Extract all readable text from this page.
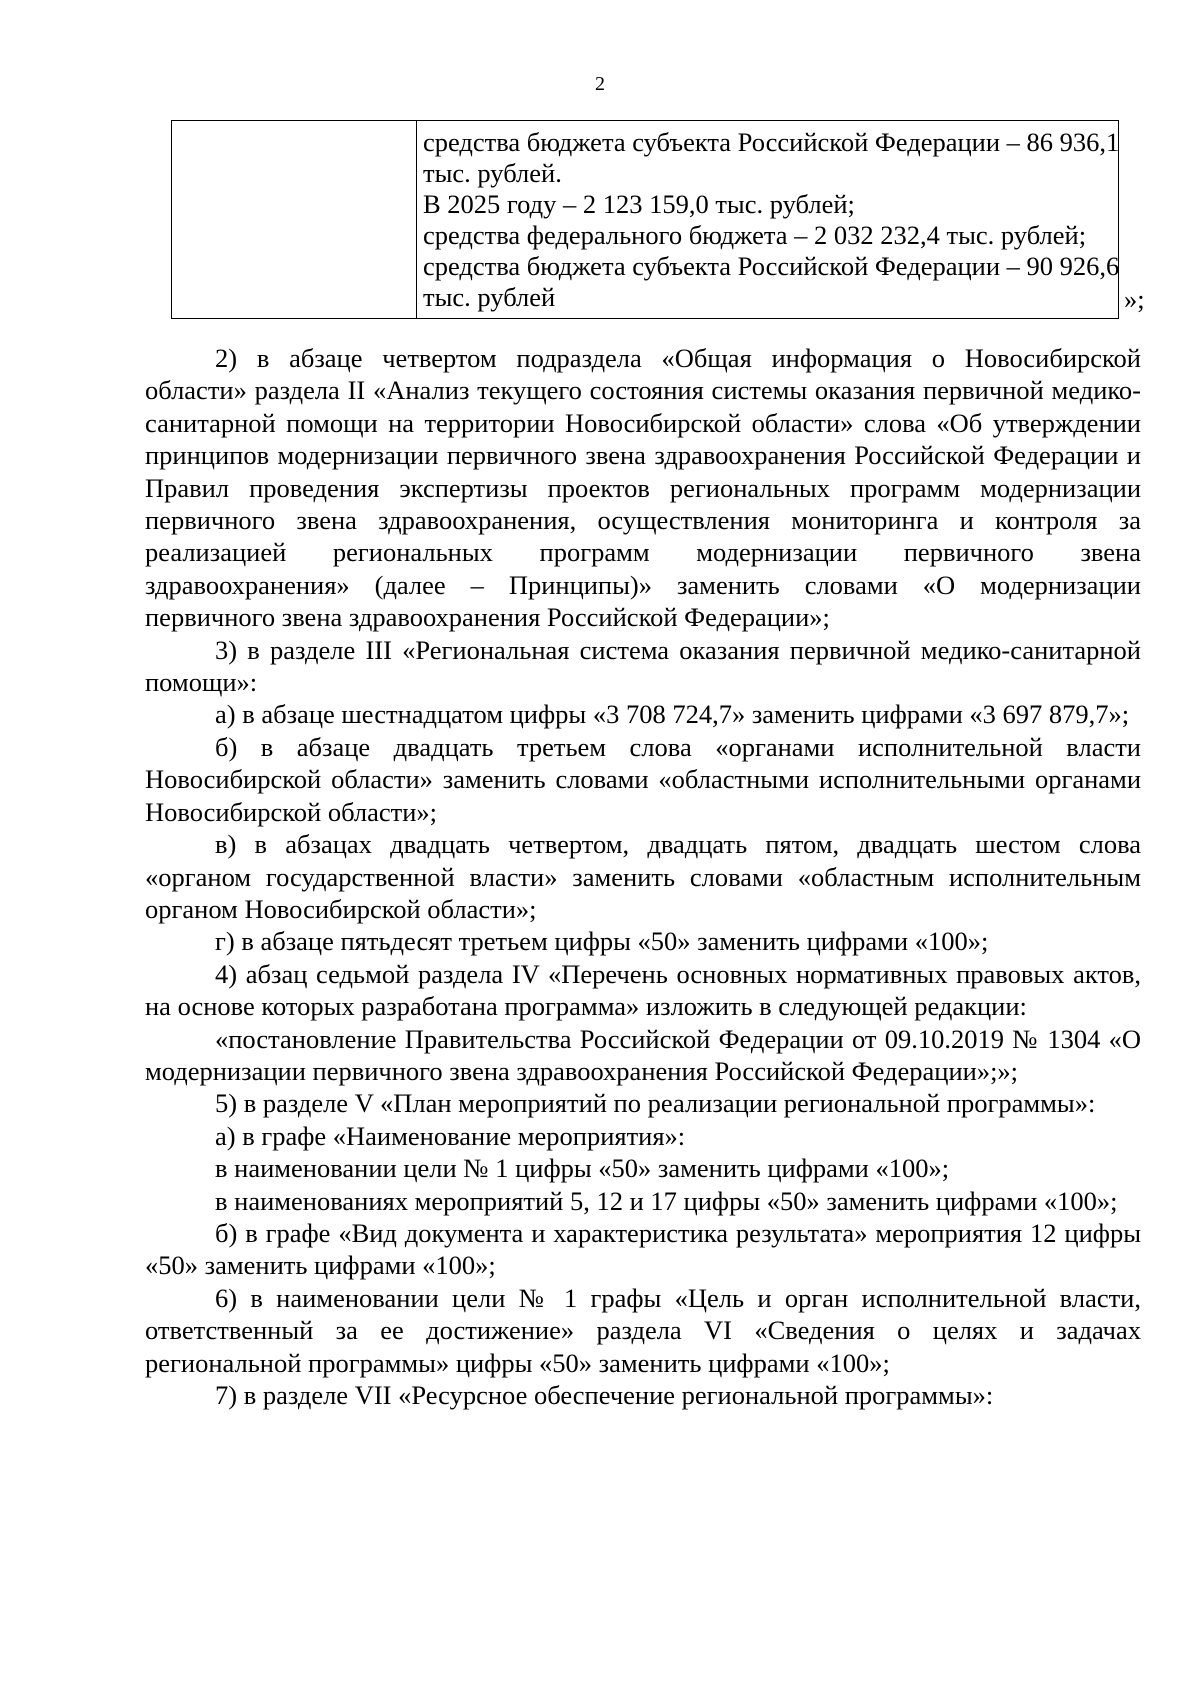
2

средства бюджета субъекта Российской Федерации – 86 936,1
тыс. рублей.
В 2025 году – 2 123 159,0 тыс. рублей;
средства федерального бюджета – 2 032 232,4 тыс. рублей;
средства бюджета субъекта Российской Федерации – 90 926,6
тыс. рублей	»;

2) в абзаце четвертом подраздела «Общая информация о Новосибирской области» раздела II «Анализ текущего состояния системы оказания первичной медико-санитарной помощи на территории Новосибирской области» слова «Об утверждении принципов модернизации первичного звена здравоохранения Российской Федерации и Правил проведения экспертизы проектов региональных программ модернизации первичного звена здравоохранения, осуществления мониторинга и контроля за реализацией региональных программ модернизации первичного звена здравоохранения» (далее – Принципы)» заменить словами «О модернизации первичного звена здравоохранения Российской Федерации»;

3) в разделе III «Региональная система оказания первичной медико-санитарной помощи»:

а) в абзаце шестнадцатом цифры «3 708 724,7» заменить цифрами «3 697 879,7»;

б) в абзаце двадцать третьем слова «органами исполнительной власти Новосибирской области» заменить словами «областными исполнительными органами Новосибирской области»;

в) в абзацах двадцать четвертом, двадцать пятом, двадцать шестом слова «органом государственной власти» заменить словами «областным исполнительным органом Новосибирской области»;

г) в абзаце пятьдесят третьем цифры «50» заменить цифрами «100»;

4) абзац седьмой раздела IV «Перечень основных нормативных правовых актов, на основе которых разработана программа» изложить в следующей редакции:

«постановление Правительства Российской Федерации от 09.10.2019 № 1304 «О модернизации первичного звена здравоохранения Российской Федерации»;»;

5) в разделе V «План мероприятий по реализации региональной программы»:

а) в графе «Наименование мероприятия»:

в наименовании цели № 1 цифры «50» заменить цифрами «100»;

в наименованиях мероприятий 5, 12 и 17 цифры «50» заменить цифрами «100»;

б) в графе «Вид документа и характеристика результата» мероприятия 12 цифры «50» заменить цифрами «100»;

6) в наименовании цели № 1 графы «Цель и орган исполнительной власти, ответственный за ее достижение» раздела VI «Сведения о целях и задачах региональной программы» цифры «50» заменить цифрами «100»;

7) в разделе VII «Ресурсное обеспечение региональной программы»:
